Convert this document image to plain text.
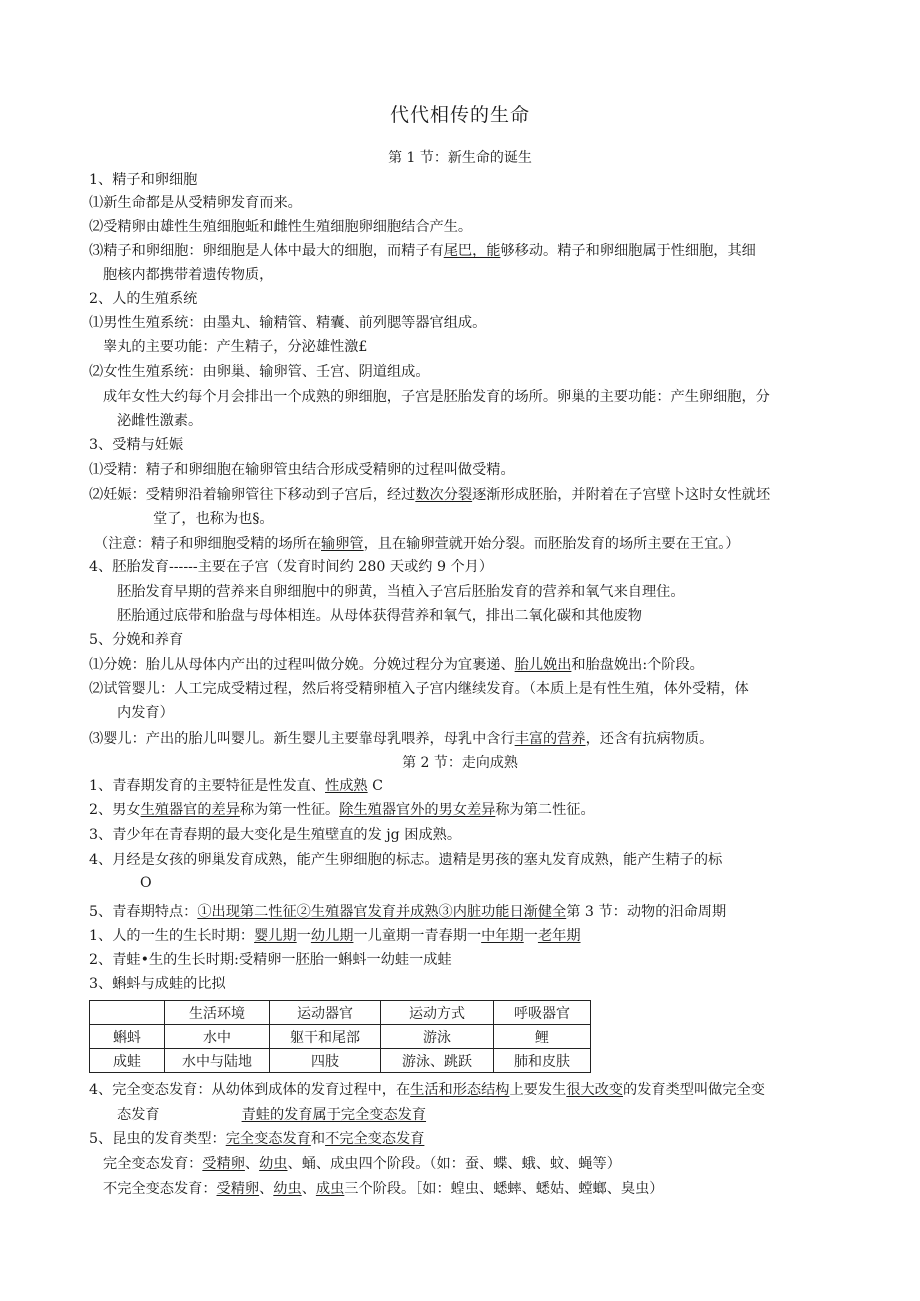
代代相传的生命
第 1 节：新生命的诞生
1、精子和卵细胞
⑴新生命都是从受精卵发育而来。
⑵受精卵由雄性生殖细胞蚯和雌性生殖细胞卵细胞结合产生。
⑶精子和卵细胞：卵细胞是人体中最大的细胞，而精子有尾巴，能够移动。精子和卵细胞属于性细胞，其细
胞核内都携带着遗传物质，
2、人的生殖系统
⑴男性生殖系统：由墨丸、输精管、精囊、前列腮等器官组成。
睾丸的主要功能：产生精子，分泌雄性激£
⑵女性生殖系统：由卵巢、输卵管、壬宫、阴道组成。
成年女性大约每个月会排出一个成熟的卵细胞，子宫是胚胎发育的场所。卵巢的主要功能：产生卵细胞，分
泌雌性激素。
3、受精与妊娠
⑴受精：精子和卵细胞在输卵管虫结合形成受精卵的过程叫做受精。
⑵妊娠：受精卵沿着输卵管往下移动到子宫后，经过数次分裂逐渐形成胚胎，并附着在子宫壁卜这时女性就坯
堂了，也称为也§。
（注意：精子和卵细胞受精的场所在输卵管，且在输卵萱就开始分裂。而胚胎发育的场所主要在王宜。）
4、胚胎发育------主要在子宫（发育时间约 280 天或约 9 个月）
胚胎发育早期的营养来自卵细胞中的卵黄，当植入子宫后胚胎发育的营养和氧气来自理住。
胚胎通过底带和胎盘与母体相连。从母体获得营养和氧气，排出二氧化碳和其他废物
5、分娩和养育
⑴分娩：胎儿从母体内产出的过程叫做分娩。分娩过程分为宜裹递、胎儿娩出和胎盘娩出:个阶段。
⑵试管婴儿：人工完成受精过程，然后将受精卵植入子宫内继续发育。（本质上是有性生殖，体外受精，体
内发育）
⑶婴儿：产出的胎儿叫婴儿。新生婴儿主要靠母乳喂养，母乳中含行丰富的营养，还含有抗病物质。
第 2 节：走向成熟
1、青春期发育的主要特征是性发直、性成熟 C
2、男女生殖器官的差异称为第一性征。除生殖器官外的男女差异称为第二性征。
3、青少年在青春期的最大变化是生殖壁直的发 jg 困成熟。
4、月经是女孩的卵巢发育成熟，能产生卵细胞的标志。遗精是男孩的塞丸发育成熟，能产生精子的标
O
5、青春期特点：①出现第二性征②生殖器官发育并成熟③内脏功能日渐健全第 3 节：动物的汨命周期
1、人的一生的生长时期：婴儿期一幼儿期一儿童期一青春期一中年期一老年期
2、青蛙•生的生长时期:受精卵一胚胎一蝌蚪一幼蛙一成蛙
3、蝌蚪与成蛙的比拟
	生活环境	运动器官	运动方式	呼吸器官
蝌蚪	水中	躯干和尾部	游泳	鲤
成蛙	水中与陆地	四肢	游泳、跳跃	肺和皮肤
4、完全变态发育：从幼体到成体的发育过程中，在生活和形态结构上要发生很大改变的发育类型叫做完全变
态发育	青蛙的发育属于完全变态发育
5、昆虫的发育类型：完全变态发育和不完全变态发育
完全变态发育：受精卵、幼虫、蛹、成虫四个阶段。（如：蚕、蝶、蛾、蚊、蝇等）
不完全变态发育：受精卵、幼虫、成虫三个阶段。［如：蝗虫、蟋蟀、蟋姑、螳螂、臭虫）
